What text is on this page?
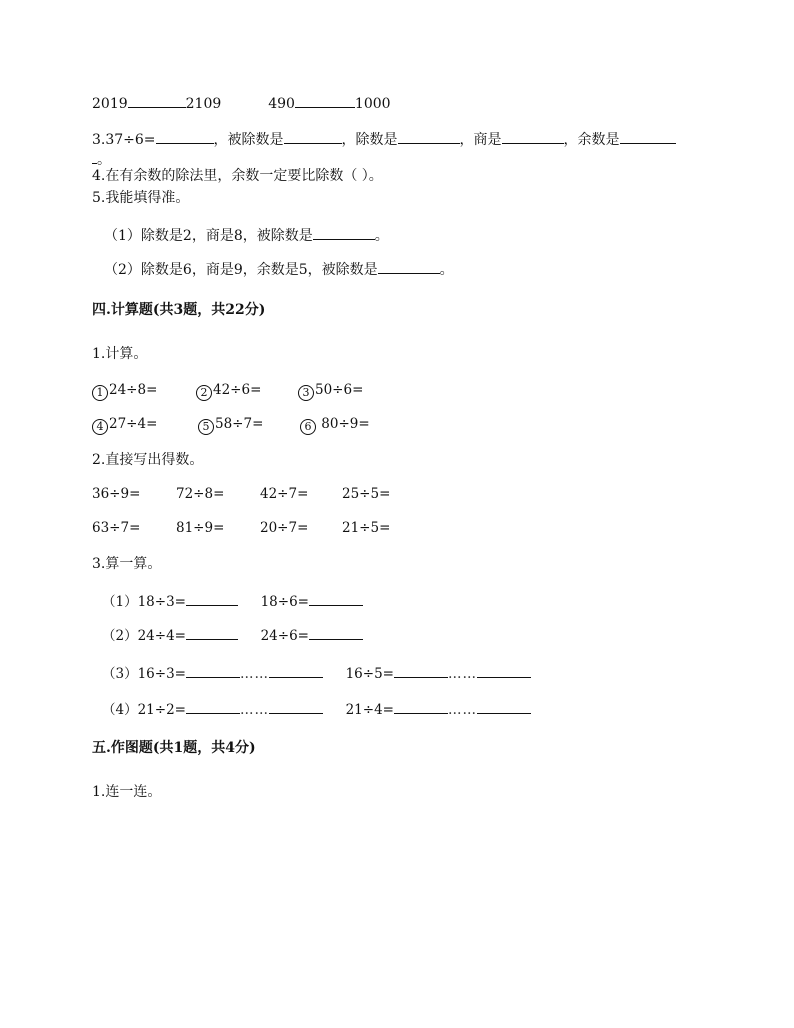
2019	2109	490	1000
3.37÷6=	，被除数是	，除数是	，商是	，余数是
。
4.在有余数的除法里，余数一定要比除数（ ）。
5.我能填得准。
（1）除数是2，商是8，被除数是	。
（2）除数是6，商是9，余数是5，被除数是	。
四.计算题(共3题，共22分)
1.计算。
1 24÷8=	2 42÷6=	3 50÷6=
4 27÷4=	5 58÷7=	6 80÷9=
2.直接写出得数。
36÷9=	72÷8=	42÷7= 25÷5=
63÷7=	81÷9=	20÷7= 21÷5=
3.算一算。
（1）18÷3=	18÷6=
（2）24÷4=	24÷6=
（3）16÷3=	……	16÷5=	……
（4）21÷2=	……	21÷4=	……
五.作图题(共1题，共4分)
1.连一连。
